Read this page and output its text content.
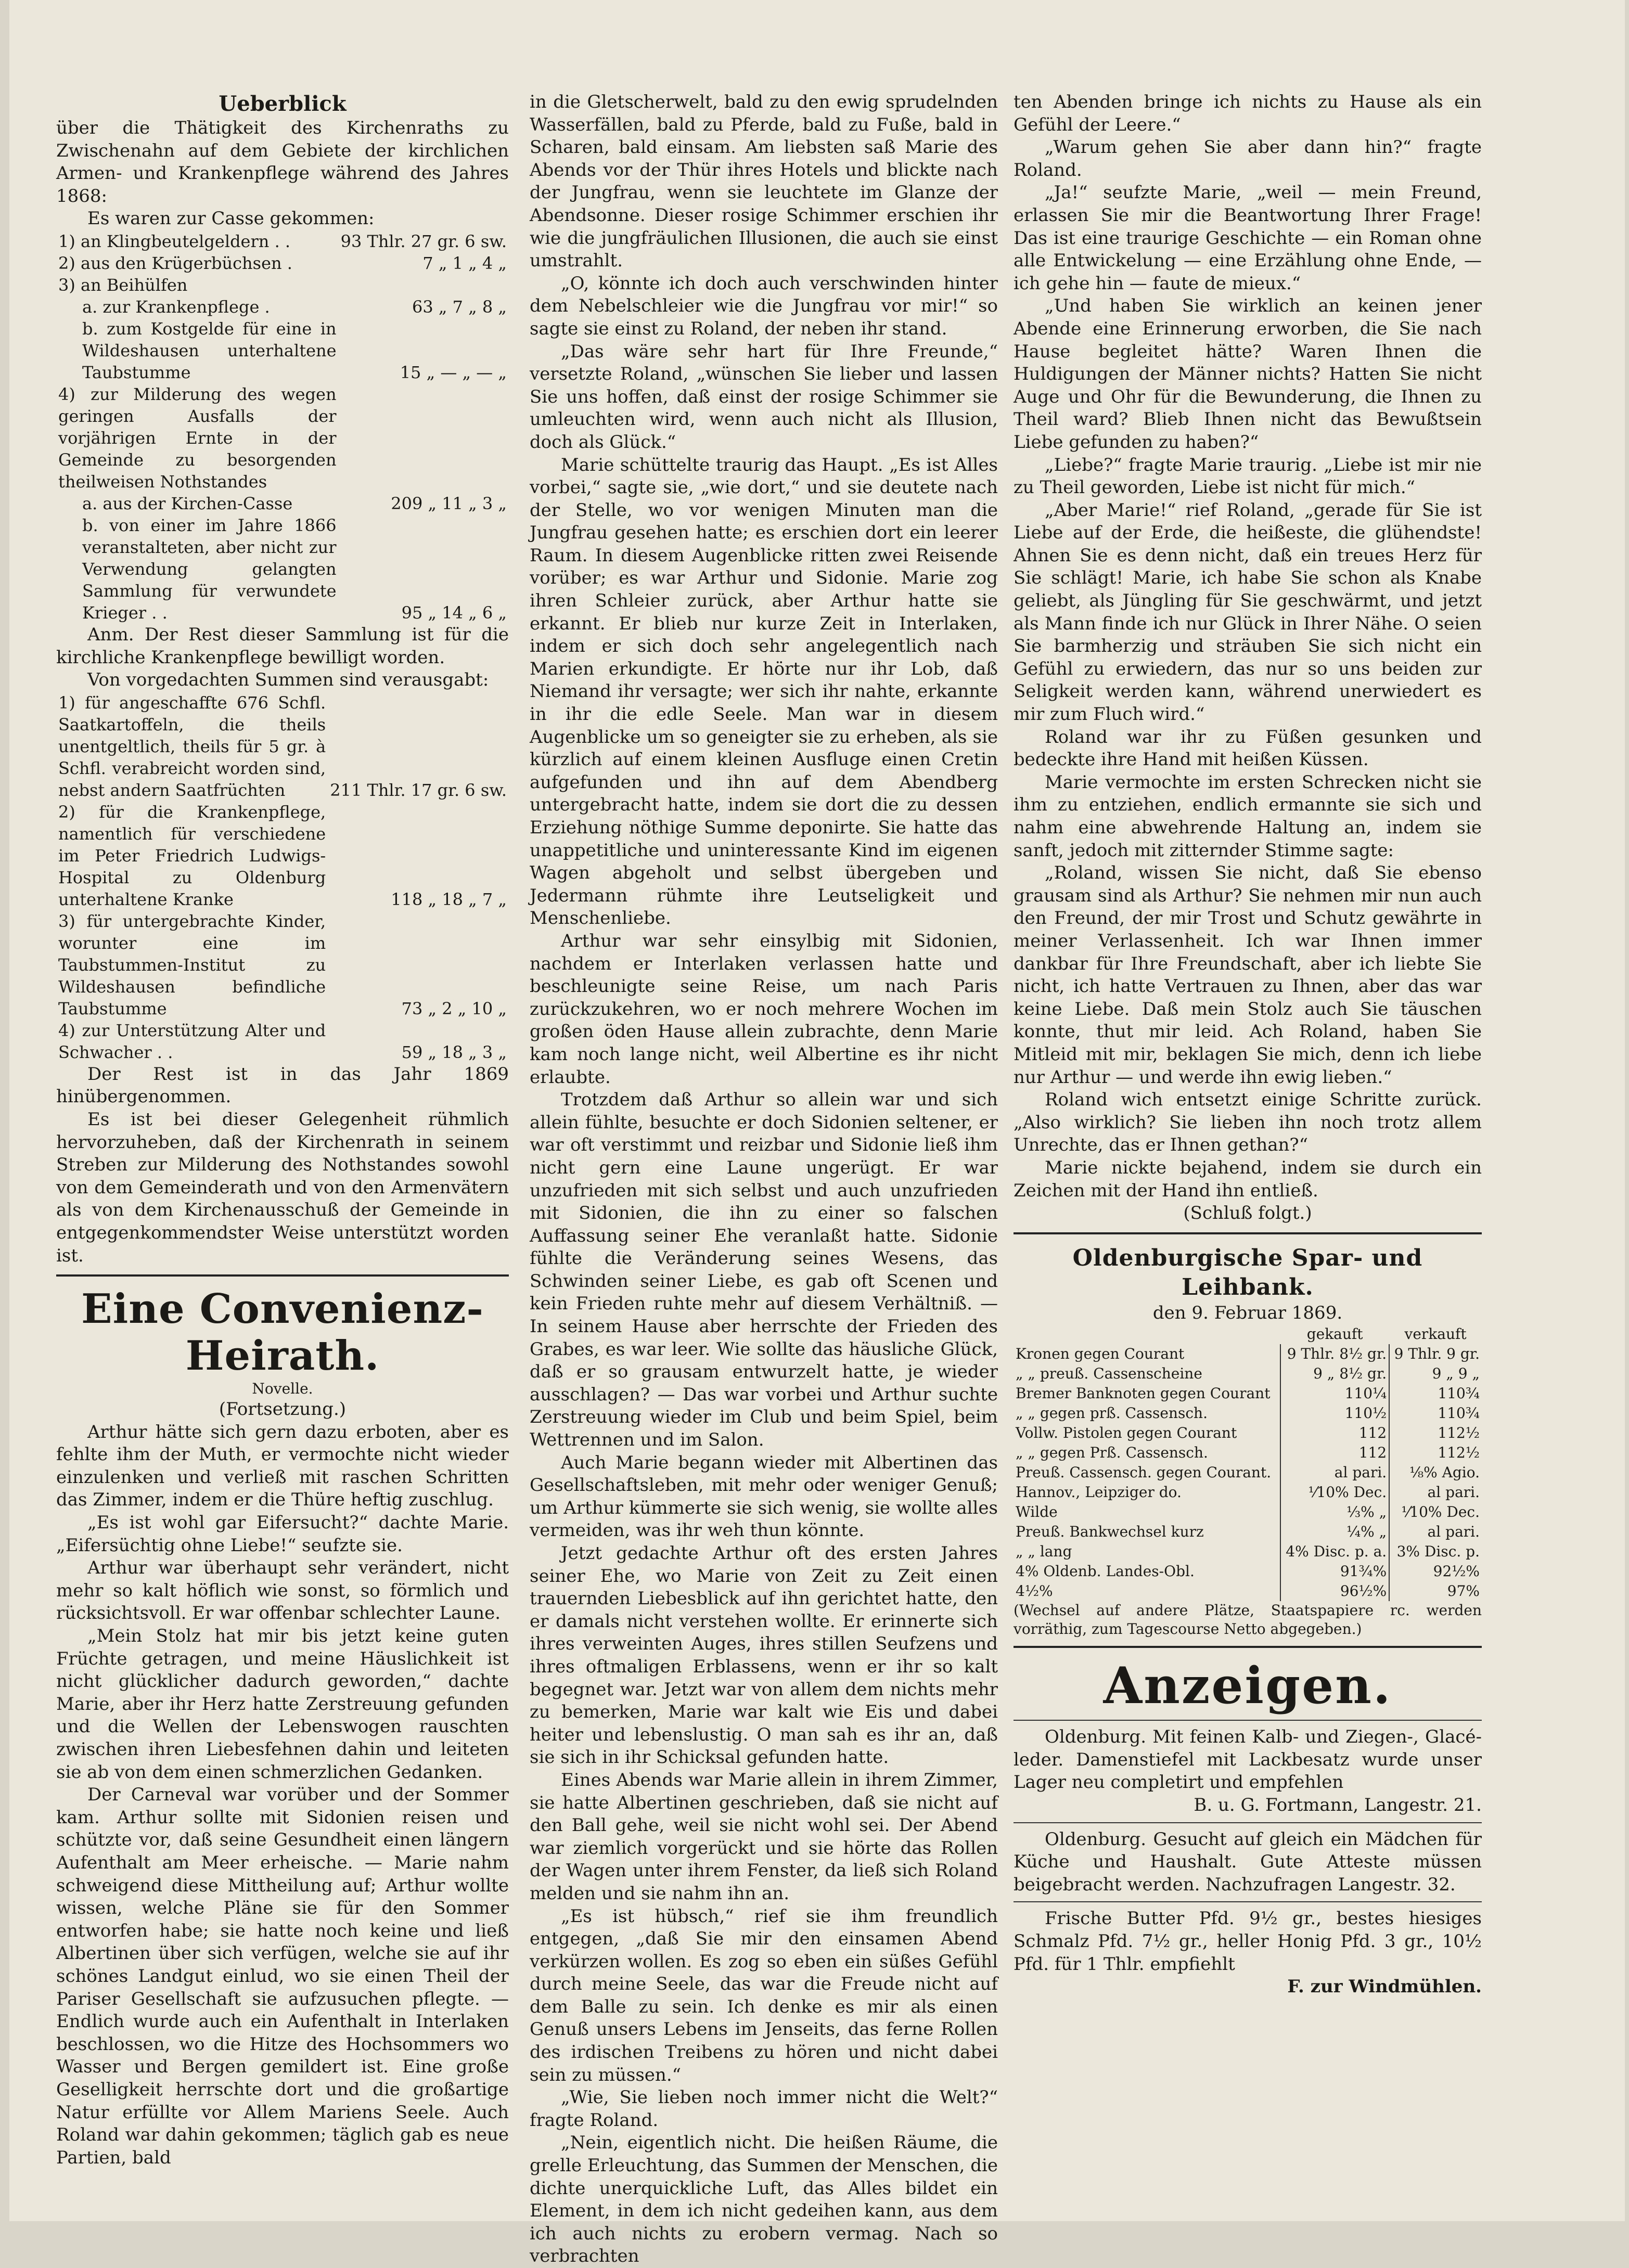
Ueberblick

über die Thätigkeit des Kirchenraths zu Zwischenahn auf dem Gebiete der kirchlichen Armen- und Krankenpflege während des Jahres 1868:

Es waren zur Casse gekommen:

1) an Klingbeutelgeldern . .	93 Thlr. 27 gr. 6 sw.
2) aus den Krügerbüchsen .	7 „ 1 „ 4 „
3) an Beihülfen	
a. zur Krankenpflege .	63 „ 7 „ 8 „
b. zum Kostgelde für eine in Wildeshausen unterhaltene Taubstumme	15 „ — „ — „
4) zur Milderung des wegen geringen Ausfalls der vorjährigen Ernte in der Gemeinde zu besorgenden theilweisen Nothstandes	
a. aus der Kirchen-Casse	209 „ 11 „ 3 „
b. von einer im Jahre 1866 veranstalteten, aber nicht zur Verwendung gelangten Sammlung für verwundete Krieger . .	95 „ 14 „ 6 „

Anm. Der Rest dieser Sammlung ist für die kirchliche Krankenpflege bewilligt worden.

Von vorgedachten Summen sind verausgabt:

1) für angeschaffte 676 Schfl. Saatkartoffeln, die theils unentgeltlich, theils für 5 gr. à Schfl. verabreicht worden sind, nebst andern Saatfrüchten	211 Thlr. 17 gr. 6 sw.
2) für die Krankenpflege, namentlich für verschiedene im Peter Friedrich Ludwigs-Hospital zu Oldenburg unterhaltene Kranke	118 „ 18 „ 7 „
3) für untergebrachte Kinder, worunter eine im Taubstummen-Institut zu Wildeshausen befindliche Taubstumme	73 „ 2 „ 10 „
4) zur Unterstützung Alter und Schwacher . .	59 „ 18 „ 3 „

Der Rest ist in das Jahr 1869 hinübergenommen.

Es ist bei dieser Gelegenheit rühmlich hervorzuheben, daß der Kirchenrath in seinem Streben zur Milderung des Nothstandes sowohl von dem Gemeinderath und von den Armenvätern als von dem Kirchenausschuß der Gemeinde in entgegenkommendster Weise unterstützt worden ist.

Eine Convenienz-Heirath.

Novelle.

(Fortsetzung.)

Arthur hätte sich gern dazu erboten, aber es fehlte ihm der Muth, er vermochte nicht wieder einzulenken und verließ mit raschen Schritten das Zimmer, indem er die Thüre heftig zuschlug.

„Es ist wohl gar Eifersucht?“ dachte Marie. „Eifersüchtig ohne Liebe!“ seufzte sie.

Arthur war überhaupt sehr verändert, nicht mehr so kalt höflich wie sonst, so förmlich und rücksichtsvoll. Er war offenbar schlechter Laune.

„Mein Stolz hat mir bis jetzt keine guten Früchte getragen, und meine Häuslichkeit ist nicht glücklicher dadurch geworden,“ dachte Marie, aber ihr Herz hatte Zerstreuung gefunden und die Wellen der Lebenswogen rauschten zwischen ihren Liebesfehnen dahin und leiteten sie ab von dem einen schmerzlichen Gedanken.

Der Carneval war vorüber und der Sommer kam. Arthur sollte mit Sidonien reisen und schützte vor, daß seine Gesundheit einen längern Aufenthalt am Meer erheische. — Marie nahm schweigend diese Mittheilung auf; Arthur wollte wissen, welche Pläne sie für den Sommer entworfen habe; sie hatte noch keine und ließ Albertinen über sich verfügen, welche sie auf ihr schönes Landgut einlud, wo sie einen Theil der Pariser Gesellschaft sie aufzusuchen pflegte. — Endlich wurde auch ein Aufenthalt in Interlaken beschlossen, wo die Hitze des Hochsommers wo Wasser und Bergen gemildert ist. Eine große Geselligkeit herrschte dort und die großartige Natur erfüllte vor Allem Mariens Seele. Auch Roland war dahin gekommen; täglich gab es neue Partien, bald

in die Gletscherwelt, bald zu den ewig sprudelnden Wasserfällen, bald zu Pferde, bald zu Fuße, bald in Scharen, bald einsam. Am liebsten saß Marie des Abends vor der Thür ihres Hotels und blickte nach der Jungfrau, wenn sie leuchtete im Glanze der Abendsonne. Dieser rosige Schimmer erschien ihr wie die jungfräulichen Illusionen, die auch sie einst umstrahlt.

„O, könnte ich doch auch verschwinden hinter dem Nebelschleier wie die Jungfrau vor mir!“ so sagte sie einst zu Roland, der neben ihr stand.

„Das wäre sehr hart für Ihre Freunde,“ versetzte Roland, „wünschen Sie lieber und lassen Sie uns hoffen, daß einst der rosige Schimmer sie umleuchten wird, wenn auch nicht als Illusion, doch als Glück.“

Marie schüttelte traurig das Haupt. „Es ist Alles vorbei,“ sagte sie, „wie dort,“ und sie deutete nach der Stelle, wo vor wenigen Minuten man die Jungfrau gesehen hatte; es erschien dort ein leerer Raum. In diesem Augenblicke ritten zwei Reisende vorüber; es war Arthur und Sidonie. Marie zog ihren Schleier zurück, aber Arthur hatte sie erkannt. Er blieb nur kurze Zeit in Interlaken, indem er sich doch sehr angelegentlich nach Marien erkundigte. Er hörte nur ihr Lob, daß Niemand ihr versagte; wer sich ihr nahte, erkannte in ihr die edle Seele. Man war in diesem Augenblicke um so geneigter sie zu erheben, als sie kürzlich auf einem kleinen Ausfluge einen Cretin aufgefunden und ihn auf dem Abendberg untergebracht hatte, indem sie dort die zu dessen Erziehung nöthige Summe deponirte. Sie hatte das unappetitliche und uninteressante Kind im eigenen Wagen abgeholt und selbst übergeben und Jedermann rühmte ihre Leutseligkeit und Menschenliebe.

Arthur war sehr einsylbig mit Sidonien, nachdem er Interlaken verlassen hatte und beschleunigte seine Reise, um nach Paris zurückzukehren, wo er noch mehrere Wochen im großen öden Hause allein zubrachte, denn Marie kam noch lange nicht, weil Albertine es ihr nicht erlaubte.

Trotzdem daß Arthur so allein war und sich allein fühlte, besuchte er doch Sidonien seltener, er war oft verstimmt und reizbar und Sidonie ließ ihm nicht gern eine Laune ungerügt. Er war unzufrieden mit sich selbst und auch unzufrieden mit Sidonien, die ihn zu einer so falschen Auffassung seiner Ehe veranlaßt hatte. Sidonie fühlte die Veränderung seines Wesens, das Schwinden seiner Liebe, es gab oft Scenen und kein Frieden ruhte mehr auf diesem Verhältniß. — In seinem Hause aber herrschte der Frieden des Grabes, es war leer. Wie sollte das häusliche Glück, daß er so grausam entwurzelt hatte, je wieder ausschlagen? — Das war vorbei und Arthur suchte Zerstreuung wieder im Club und beim Spiel, beim Wettrennen und im Salon.

Auch Marie begann wieder mit Albertinen das Gesellschaftsleben, mit mehr oder weniger Genuß; um Arthur kümmerte sie sich wenig, sie wollte alles vermeiden, was ihr weh thun könnte.

Jetzt gedachte Arthur oft des ersten Jahres seiner Ehe, wo Marie von Zeit zu Zeit einen trauernden Liebesblick auf ihn gerichtet hatte, den er damals nicht verstehen wollte. Er erinnerte sich ihres verweinten Auges, ihres stillen Seufzens und ihres oftmaligen Erblassens, wenn er ihr so kalt begegnet war. Jetzt war von allem dem nichts mehr zu bemerken, Marie war kalt wie Eis und dabei heiter und lebenslustig. O man sah es ihr an, daß sie sich in ihr Schicksal gefunden hatte.

Eines Abends war Marie allein in ihrem Zimmer, sie hatte Albertinen geschrieben, daß sie nicht auf den Ball gehe, weil sie nicht wohl sei. Der Abend war ziemlich vorgerückt und sie hörte das Rollen der Wagen unter ihrem Fenster, da ließ sich Roland melden und sie nahm ihn an.

„Es ist hübsch,“ rief sie ihm freundlich entgegen, „daß Sie mir den einsamen Abend verkürzen wollen. Es zog so eben ein süßes Gefühl durch meine Seele, das war die Freude nicht auf dem Balle zu sein. Ich denke es mir als einen Genuß unsers Lebens im Jenseits, das ferne Rollen des irdischen Treibens zu hören und nicht dabei sein zu müssen.“

„Wie, Sie lieben noch immer nicht die Welt?“ fragte Roland.

„Nein, eigentlich nicht. Die heißen Räume, die grelle Erleuchtung, das Summen der Menschen, die dichte unerquickliche Luft, das Alles bildet ein Element, in dem ich nicht gedeihen kann, aus dem ich auch nichts zu erobern vermag. Nach so verbrachten

ten Abenden bringe ich nichts zu Hause als ein Gefühl der Leere.“

„Warum gehen Sie aber dann hin?“ fragte Roland.

„Ja!“ seufzte Marie, „weil — mein Freund, erlassen Sie mir die Beantwortung Ihrer Frage! Das ist eine traurige Geschichte — ein Roman ohne alle Entwickelung — eine Erzählung ohne Ende, — ich gehe hin — faute de mieux.“

„Und haben Sie wirklich an keinen jener Abende eine Erinnerung erworben, die Sie nach Hause begleitet hätte? Waren Ihnen die Huldigungen der Männer nichts? Hatten Sie nicht Auge und Ohr für die Bewunderung, die Ihnen zu Theil ward? Blieb Ihnen nicht das Bewußtsein Liebe gefunden zu haben?“

„Liebe?“ fragte Marie traurig. „Liebe ist mir nie zu Theil geworden, Liebe ist nicht für mich.“

„Aber Marie!“ rief Roland, „gerade für Sie ist Liebe auf der Erde, die heißeste, die glühendste! Ahnen Sie es denn nicht, daß ein treues Herz für Sie schlägt! Marie, ich habe Sie schon als Knabe geliebt, als Jüngling für Sie geschwärmt, und jetzt als Mann finde ich nur Glück in Ihrer Nähe. O seien Sie barmherzig und sträuben Sie sich nicht ein Gefühl zu erwiedern, das nur so uns beiden zur Seligkeit werden kann, während unerwiedert es mir zum Fluch wird.“

Roland war ihr zu Füßen gesunken und bedeckte ihre Hand mit heißen Küssen.

Marie vermochte im ersten Schrecken nicht sie ihm zu entziehen, endlich ermannte sie sich und nahm eine abwehrende Haltung an, indem sie sanft, jedoch mit zitternder Stimme sagte:

„Roland, wissen Sie nicht, daß Sie ebenso grausam sind als Arthur? Sie nehmen mir nun auch den Freund, der mir Trost und Schutz gewährte in meiner Verlassenheit. Ich war Ihnen immer dankbar für Ihre Freundschaft, aber ich liebte Sie nicht, ich hatte Vertrauen zu Ihnen, aber das war keine Liebe. Daß mein Stolz auch Sie täuschen konnte, thut mir leid. Ach Roland, haben Sie Mitleid mit mir, beklagen Sie mich, denn ich liebe nur Arthur — und werde ihn ewig lieben.“

Roland wich entsetzt einige Schritte zurück. „Also wirklich? Sie lieben ihn noch trotz allem Unrechte, das er Ihnen gethan?“

Marie nickte bejahend, indem sie durch ein Zeichen mit der Hand ihn entließ.

(Schluß folgt.)

Oldenburgische Spar- und Leihbank.

den 9. Februar 1869.

	gekauft	verkauft
Kronen gegen Courant	9 Thlr. 8½ gr.	9 Thlr. 9 gr.
„ „ preuß. Cassenscheine	9 „ 8½ gr.	9 „ 9 „
Bremer Banknoten gegen Courant	110¼	110¾
„ „ gegen prß. Cassensch.	110½	110¾
Vollw. Pistolen gegen Courant	112	112½
„ „ gegen Prß. Cassensch.	112	112½
Preuß. Cassensch. gegen Courant.	al pari.	⅛% Agio.
Hannov., Leipziger do.	⅟10% Dec.	al pari.
Wilde	⅓% „	⅟10% Dec.
Preuß. Bankwechsel kurz	¼% „	al pari.
„ „ lang	4% Disc. p. a.	3% Disc. p.
4% Oldenb. Landes-Obl.	91¾%	92½%
4½%	96½%	97%

(Wechsel auf andere Plätze, Staatspapiere rc. werden vorräthig, zum Tagescourse Netto abgegeben.)

Anzeigen.

Oldenburg. Mit feinen Kalb- und Ziegen-, Glacé-leder. Damenstiefel mit Lackbesatz wurde unser Lager neu completirt und empfehlen

B. u. G. Fortmann, Langestr. 21.

Oldenburg. Gesucht auf gleich ein Mädchen für Küche und Haushalt. Gute Atteste müssen beigebracht werden. Nachzufragen Langestr. 32.

Frische Butter Pfd. 9½ gr., bestes hiesiges Schmalz Pfd. 7½ gr., heller Honig Pfd. 3 gr., 10½ Pfd. für 1 Thlr. empfiehlt

F. zur Windmühlen.
